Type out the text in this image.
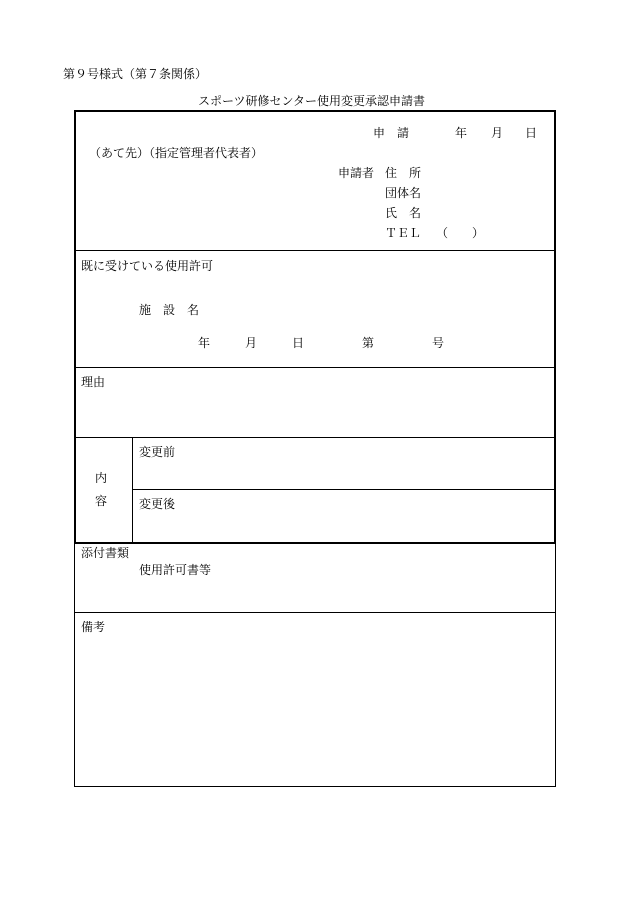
第９号様式（第７条関係）
スポーツ研修センター使用変更承認申請書
申　請	年 月 日
（あて先）（指定管理者代表者）
申請者 住　所
団体名
氏　名
ＴＥＬ （　　）
既に受けている使用許可
施　設　名
年	月	日	第	号
理由
内
容
変更前
変更後
添付書類
使用許可書等
備考
